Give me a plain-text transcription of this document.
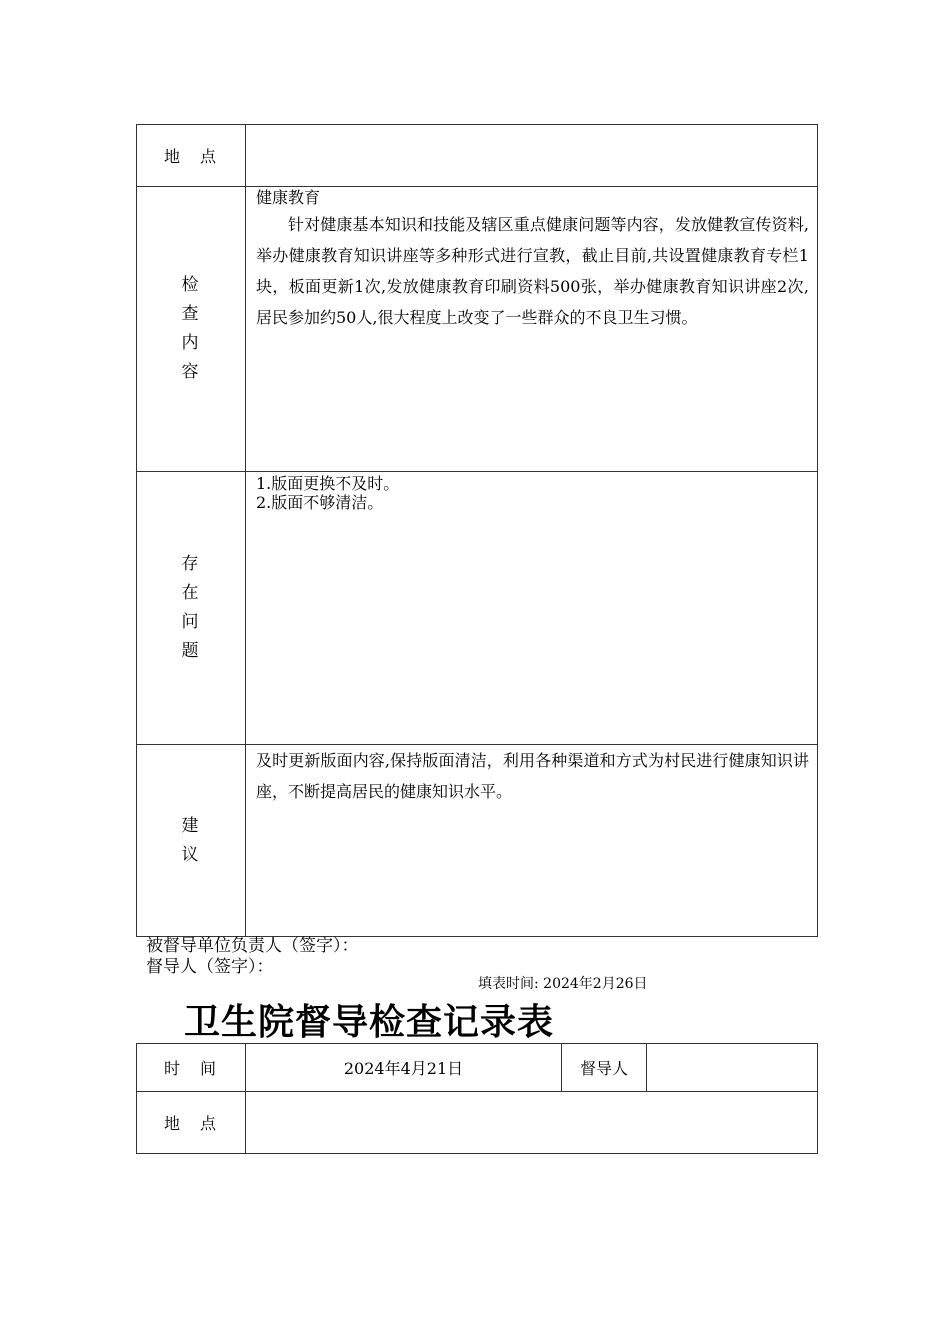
地　点	
检查内容	健康教育

针对健康基本知识和技能及辖区重点健康问题等内容，发放健教宣传资料,举办健康教育知识讲座等多种形式进行宣教，截止目前,共设置健康教育专栏1块，板面更新1次,发放健康教育印刷资料500张，举办健康教育知识讲座2次,居民参加约50人,很大程度上改变了一些群众的不良卫生习惯。

存在问题	1.版面更换不及时。
2.版面不够清洁。

建议	及时更新版面内容,保持版面清洁，利用各种渠道和方式为村民进行健康知识讲座，不断提高居民的健康知识水平。

被督导单位负责人（签字）：
督导人（签字）：
填表时间: 2024年2月26日
卫生院督导检查记录表
时　间	2024年4月21日	督导人	
地　点			
